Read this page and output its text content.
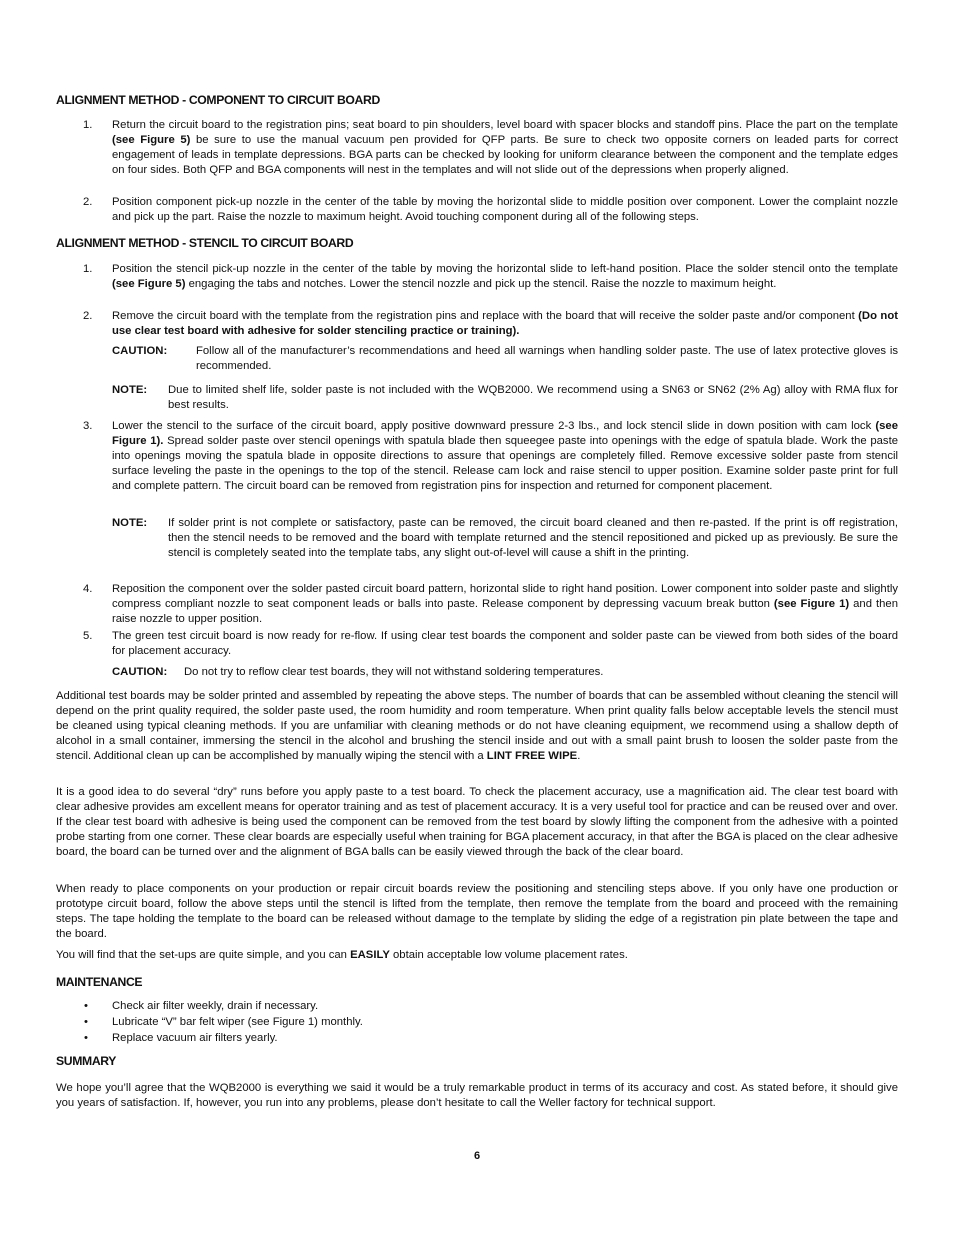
ALIGNMENT METHOD - COMPONENT TO CIRCUIT BOARD
1. Return the circuit board to the registration pins; seat board to pin shoulders, level board with spacer blocks and standoff pins. Place the part on the template (see Figure 5) be sure to use the manual vacuum pen provided for QFP parts. Be sure to check two opposite corners on leaded parts for correct engagement of leads in template depressions. BGA parts can be checked by looking for uniform clearance between the component and the template edges on four sides. Both QFP and BGA components will nest in the templates and will not slide out of the depressions when properly aligned.
2. Position component pick-up nozzle in the center of the table by moving the horizontal slide to middle position over component. Lower the complaint nozzle and pick up the part. Raise the nozzle to maximum height. Avoid touching component during all of the following steps.
ALIGNMENT METHOD - STENCIL TO CIRCUIT BOARD
1. Position the stencil pick-up nozzle in the center of the table by moving the horizontal slide to left-hand position. Place the solder stencil onto the template (see Figure 5) engaging the tabs and notches. Lower the stencil nozzle and pick up the stencil. Raise the nozzle to maximum height.
2. Remove the circuit board with the template from the registration pins and replace with the board that will receive the solder paste and/or component (Do not use clear test board with adhesive for solder stenciling practice or training).
CAUTION:	Follow all of the manufacturer’s recommendations and heed all warnings when handling solder paste. The use of latex protective gloves is recommended.
NOTE: Due to limited shelf life, solder paste is not included with the WQB2000. We recommend using a SN63 or SN62 (2% Ag) alloy with RMA flux for best results.
3. Lower the stencil to the surface of the circuit board, apply positive downward pressure 2-3 lbs., and lock stencil slide in down position with cam lock (see Figure 1). Spread solder paste over stencil openings with spatula blade then squeegee paste into openings with the edge of spatula blade. Work the paste into openings moving the spatula blade in opposite directions to assure that openings are completely filled. Remove excessive solder paste from stencil surface leveling the paste in the openings to the top of the stencil. Release cam lock and raise stencil to upper position. Examine solder paste print for full and complete pattern. The circuit board can be removed from registration pins for inspection and returned for component placement.
NOTE: If solder print is not complete or satisfactory, paste can be removed, the circuit board cleaned and then re-pasted. If the print is off registration, then the stencil needs to be removed and the board with template returned and the stencil repositioned and picked up as previously. Be sure the stencil is completely seated into the template tabs, any slight out-of-level will cause a shift in the printing.
4. Reposition the component over the solder pasted circuit board pattern, horizontal slide to right hand position. Lower component into solder paste and slightly compress compliant nozzle to seat component leads or balls into paste. Release component by depressing vacuum break button (see Figure 1) and then raise nozzle to upper position.
5. The green test circuit board is now ready for re-flow. If using clear test boards the component and solder paste can be viewed from both sides of the board for placement accuracy.
CAUTION: Do not try to reflow clear test boards, they will not withstand soldering temperatures.
Additional test boards may be solder printed and assembled by repeating the above steps. The number of boards that can be assembled without cleaning the stencil will depend on the print quality required, the solder paste used, the room humidity and room temperature. When print quality falls below acceptable levels the stencil must be cleaned using typical cleaning methods. If you are unfamiliar with cleaning methods or do not have cleaning equipment, we recommend using a shallow depth of alcohol in a small container, immersing the stencil in the alcohol and brushing the stencil inside and out with a small paint brush to loosen the solder paste from the stencil. Additional clean up can be accomplished by manually wiping the stencil with a LINT FREE WIPE.
It is a good idea to do several “dry” runs before you apply paste to a test board. To check the placement accuracy, use a magnification aid. The clear test board with clear adhesive provides am excellent means for operator training and as test of placement accuracy. It is a very useful tool for practice and can be reused over and over. If the clear test board with adhesive is being used the component can be removed from the test board by slowly lifting the component from the adhesive with a pointed probe starting from one corner. These clear boards are especially useful when training for BGA placement accuracy, in that after the BGA is placed on the clear adhesive board, the board can be turned over and the alignment of BGA balls can be easily viewed through the back of the clear board.
When ready to place components on your production or repair circuit boards review the positioning and stenciling steps above. If you only have one production or prototype circuit board, follow the above steps until the stencil is lifted from the template, then remove the template from the board and proceed with the remaining steps. The tape holding the template to the board can be released without damage to the template by sliding the edge of a registration pin plate between the tape and the board.
You will find that the set-ups are quite simple, and you can EASILY obtain acceptable low volume placement rates.
MAINTENANCE
• Check air filter weekly, drain if necessary.
• Lubricate “V” bar felt wiper (see Figure 1) monthly.
• Replace vacuum air filters yearly.
SUMMARY
We hope you’ll agree that the WQB2000 is everything we said it would be a truly remarkable product in terms of its accuracy and cost. As stated before, it should give you years of satisfaction. If, however, you run into any problems, please don’t hesitate to call the Weller factory for technical support.
6
